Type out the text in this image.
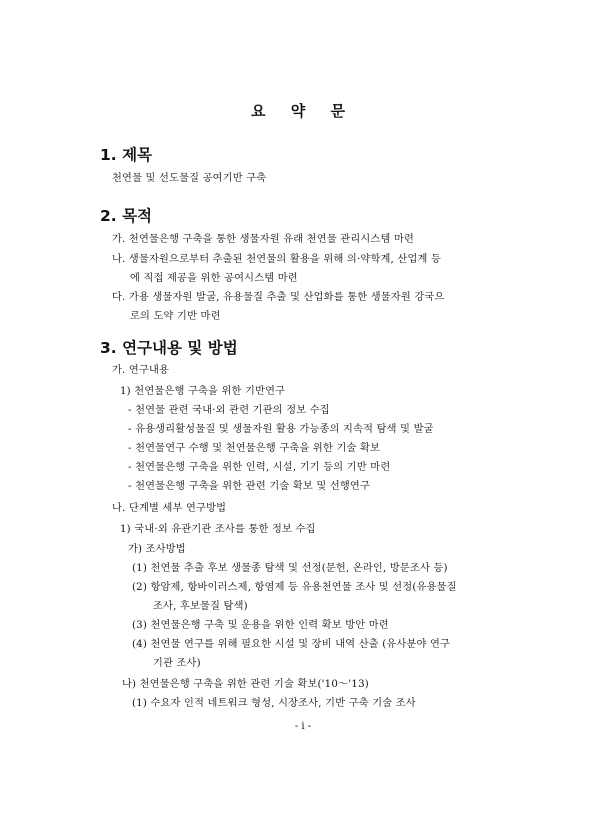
요 약 문
1. 제목
천연물 및 선도물질 공여기반 구축
2. 목적
가. 천연물은행 구축을 통한 생물자원 유래 천연물 관리시스템 마련
나. 생물자원으로부터 추출된 천연물의 활용을 위해 의·약학계, 산업계 등
에 직접 제공을 위한 공여시스템 마련
다. 가용 생물자원 발굴, 유용물질 추출 및 산업화를 통한 생물자원 강국으
로의 도약 기반 마련
3. 연구내용 및 방법
가. 연구내용
1) 천연물은행 구축을 위한 기반연구
- 천연물 관련 국내·외 관련 기관의 정보 수집
- 유용생리활성물질 및 생물자원 활용 가능종의 지속적 탐색 및 발굴
- 천연물연구 수행 및 천연물은행 구축을 위한 기술 확보
- 천연물은행 구축을 위한 인력, 시설, 기기 등의 기반 마련
- 천연물은행 구축을 위한 관련 기술 확보 및 선행연구
나. 단계별 세부 연구방법
1) 국내·외 유관기관 조사를 통한 정보 수집
가) 조사방법
(1) 천연물 추출 후보 생물종 탐색 및 선정(문헌, 온라인, 방문조사 등)
(2) 항암제, 항바이러스제, 항염제 등 유용천연물 조사 및 선정(유용물질
조사, 후보물질 탐색)
(3) 천연물은행 구축 및 운용을 위한 인력 확보 방안 마련
(4) 천연물 연구를 위해 필요한 시설 및 장비 내역 산출 (유사분야 연구
기관 조사)
나) 천연물은행 구축을 위한 관련 기술 확보('10～'13)
(1) 수요자 인적 네트워크 형성, 시장조사, 기반 구축 기술 조사
- i -
